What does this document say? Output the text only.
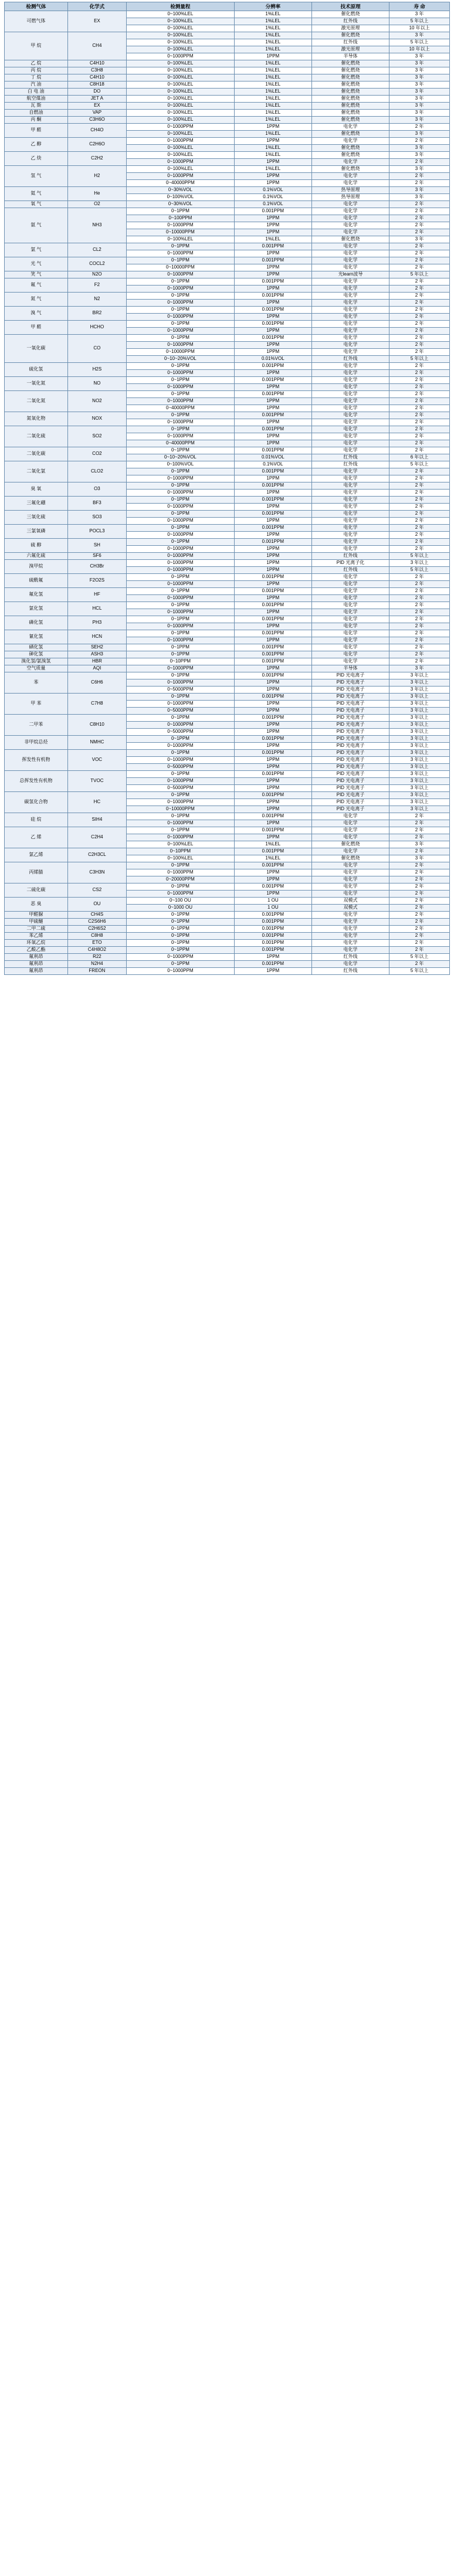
检测气体	化学式	检测量程	分辨率	技术原理	寿 命
可燃气体	EX	0~100%LEL	1%LEL	催化燃烧	3 年
		0~100%LEL	1%LEL	红外线	5 年以上
		0~100%LEL	1%LEL	激光原理	10 年以上
甲 烷	CH4	0~100%LEL	1%LEL	催化燃烧	3 年
		0~100%LEL	1%LEL	红外线	5 年以上
		0~100%LEL	1%LEL	激光原理	10 年以上
		0~1000PPM	1PPM	半导体	3 年
乙 烷	C4H10	0~100%LEL	1%LEL	催化燃烧	3 年
丙 烷	C3H8	0~100%LEL	1%LEL	催化燃烧	3 年
丁 烷	C4H10	0~100%LEL	1%LEL	催化燃烧	3 年
汽 油	C8H18	0~100%LEL	1%LEL	催化燃烧	3 年
白 电 油	DO	0~100%LEL	1%LEL	催化燃烧	3 年
航空煤油	JET A	0~100%LEL	1%LEL	催化燃烧	3 年
瓦 斯	EX	0~100%LEL	1%LEL	催化燃烧	3 年
自燃油	VAP	0~100%LEL	1%LEL	催化燃烧	3 年
丙 酮	C3H6O	0~100%LEL	1%LEL	催化燃烧	3 年
甲 醛	CH4O	0~1000PPM	1PPM	电化学	2 年
		0~100%LEL	1%LEL	催化燃烧	3 年
乙 醇	C2H6O	0~1000PPM	1PPM	电化学	2 年
		0~100%LEL	1%LEL	催化燃烧	3 年
乙 炔	C2H2	0~100%LEL	1%LEL	催化燃烧	3 年
		0~1000PPM	1PPM	电化学	2 年
氢 气	H2	0~100%LEL	1%LEL	催化燃烧	3 年
		0~1000PPM	1PPM	电化学	2 年
		0~40000PPM	1PPM	电化学	2 年
氦 气	He	0~30%VOL	0.1%VOL	热导原理	3 年
		0~100%VOL	0.1%VOL	热导原理	3 年
氧 气	O2	0~30%VOL	0.1%VOL	电化学	2 年
氨 气	NH3	0~1PPM	0.001PPM	电化学	2 年
		0~100PPM	1PPM	电化学	2 年
		0~1000PPM	1PPM	电化学	2 年
		0~10000PPM	1PPM	电化学	2 年
		0~100%LEL	1%LEL	催化燃烧	3 年
氯 气	CL2	0~1PPM	0.001PPM	电化学	2 年
		0~1000PPM	1PPM	电化学	2 年
光 气	COCL2	0~1PPM	0.001PPM	电化学	2 年
		0~10000PPM	1PPM	电化学	2 年
笑 气	N2O	0~1000PPM	1PPM	光learn波导	5 年以上
氟 气	F2	0~1PPM	0.001PPM	电化学	2 年
		0~1000PPM	1PPM	电化学	2 年
氮 气	N2	0~1PPM	0.001PPM	电化学	2 年
		0~1000PPM	1PPM	电化学	2 年
溴 气	BR2	0~1PPM	0.001PPM	电化学	2 年
		0~1000PPM	1PPM	电化学	2 年
甲 醛	HCHO	0~1PPM	0.001PPM	电化学	2 年
		0~1000PPM	1PPM	电化学	2 年
一氧化碳	CO	0~1PPM	0.001PPM	电化学	2 年
		0~1000PPM	1PPM	电化学	2 年
		0~10000PPM	1PPM	电化学	2 年
		0~10~20%VOL	0.01%VOL	红外线	5 年以上
硫化氢	H2S	0~1PPM	0.001PPM	电化学	2 年
		0~1000PPM	1PPM	电化学	2 年
一氧化氮	NO	0~1PPM	0.001PPM	电化学	2 年
		0~1000PPM	1PPM	电化学	2 年
二氧化氮	NO2	0~1PPM	0.001PPM	电化学	2 年
		0~1000PPM	1PPM	电化学	2 年
		0~40000PPM	1PPM	电化学	2 年
氮氧化物	NOX	0~1PPM	0.001PPM	电化学	2 年
		0~1000PPM	1PPM	电化学	2 年
二氧化硫	SO2	0~1PPM	0.001PPM	电化学	2 年
		0~1000PPM	1PPM	电化学	2 年
		0~40000PPM	1PPM	电化学	2 年
二氧化碳	CO2	0~1PPM	0.001PPM	电化学	2 年
		0~10~20%VOL	0.01%VOL	红外线	6 年以上
二氧化氯	CLO2	0~100%VOL	0.1%VOL	红外线	5 年以上
		0~1PPM	0.001PPM	电化学	2 年
		0~1000PPM	1PPM	电化学	2 年
臭 氧	O3	0~1PPM	0.001PPM	电化学	2 年
		0~1000PPM	1PPM	电化学	2 年
三氟化硼	BF3	0~1PPM	0.001PPM	电化学	2 年
		0~1000PPM	1PPM	电化学	2 年
三氧化硫	SO3	0~1PPM	0.001PPM	电化学	2 年
		0~1000PPM	1PPM	电化学	2 年
三氯氧磷	POCL3	0~1PPM	0.001PPM	电化学	2 年
		0~1000PPM	1PPM	电化学	2 年
硫 醇	SH	0~1PPM	0.001PPM	电化学	2 年
		0~1000PPM	1PPM	电化学	2 年
六氟化硫	SF6	0~1000PPM	1PPM	红外线	5 年以上
溴甲烷	CH3Br	0~1000PPM	1PPM	PID 光离子化	3 年以上
		0~1000PPM	1PPM	红外线	5 年以上
硫酰氟	F2O2S	0~1PPM	0.001PPM	电化学	2 年
		0~1000PPM	1PPM	电化学	2 年
氟化氢	HF	0~1PPM	0.001PPM	电化学	2 年
		0~1000PPM	1PPM	电化学	2 年
氯化氢	HCL	0~1PPM	0.001PPM	电化学	2 年
		0~1000PPM	1PPM	电化学	2 年
磷化氢	PH3	0~1PPM	0.001PPM	电化学	2 年
		0~1000PPM	1PPM	电化学	2 年
氰化氢	HCN	0~1PPM	0.001PPM	电化学	2 年
		0~1000PPM	1PPM	电化学	2 年
硒化氢	SEH2	0~1PPM	0.001PPM	电化学	2 年
砷化氢	ASH3	0~1PPM	0.001PPM	电化学	2 年
溴化氢/氯溴氢	HBR	0~10PPM	0.001PPM	电化学	2 年
空气质量	AQI	0~1000PPM	1PPM	半导体	3 年
苯	C6H6	0~1PPM	0.001PPM	PID 光电离子	3 年以上
		0~1000PPM	1PPM	PID 光电离子	3 年以上
		0~5000PPM	1PPM	PID 光电离子	3 年以上
甲 苯	C7H8	0~1PPM	0.001PPM	PID 光电离子	3 年以上
		0~1000PPM	1PPM	PID 光电离子	3 年以上
		0~5000PPM	1PPM	PID 光电离子	3 年以上
二甲苯	C8H10	0~1PPM	0.001PPM	PID 光电离子	3 年以上
		0~1000PPM	1PPM	PID 光电离子	3 年以上
		0~5000PPM	1PPM	PID 光电离子	3 年以上
非甲烷总烃	NMHC	0~1PPM	0.001PPM	PID 光电离子	3 年以上
		0~1000PPM	1PPM	PID 光电离子	3 年以上
挥发性有机物	VOC	0~1PPM	0.001PPM	PID 光电离子	3 年以上
		0~1000PPM	1PPM	PID 光电离子	3 年以上
		0~5000PPM	1PPM	PID 光电离子	3 年以上
总挥发性有机物	TVOC	0~1PPM	0.001PPM	PID 光电离子	3 年以上
		0~1000PPM	1PPM	PID 光电离子	3 年以上
		0~5000PPM	1PPM	PID 光电离子	3 年以上
碳氢化合物	HC	0~1PPM	0.001PPM	PID 光电离子	3 年以上
		0~1000PPM	1PPM	PID 光电离子	3 年以上
		0~10000PPM	1PPM	PID 光电离子	3 年以上
硅 烷	SIH4	0~1PPM	0.001PPM	电化学	2 年
		0~1000PPM	1PPM	电化学	2 年
乙 烯	C2H4	0~1PPM	0.001PPM	电化学	2 年
		0~1000PPM	1PPM	电化学	2 年
		0~100%LEL	1%LEL	催化燃烧	3 年
氯乙烯	C2H3CL	0~10PPM	0.001PPM	电化学	2 年
		0~100%LEL	1%LEL	催化燃烧	3 年
丙烯腈	C3H3N	0~1PPM	0.001PPM	电化学	2 年
		0~1000PPM	1PPM	电化学	2 年
		0~20000PPM	1PPM	电化学	2 年
二硫化碳	CS2	0~1PPM	0.001PPM	电化学	2 年
		0~1000PPM	1PPM	电化学	2 年
恶 臭	OU	0~100 OU	1 OU	双模式	2 年
		0~1000 OU	1 OU	双模式	2 年
甲醛脲	CH4S	0~1PPM	0.001PPM	电化学	2 年
甲硫醚	C2S6H6	0~1PPM	0.001PPM	电化学	2 年
二甲二硫	C2H6S2	0~1PPM	0.001PPM	电化学	2 年
苯乙烯	C8H8	0~1PPM	0.001PPM	电化学	2 年
环氧乙烷	ETO	0~1PPM	0.001PPM	电化学	2 年
乙酸乙酯	C4H8O2	0~1PPM	0.001PPM	电化学	2 年
氟利昂	R22	0~1000PPM	1PPM	红外线	5 年以上
氟利昂	N2H4	0~1PPM	0.001PPM	电化学	2 年
氟利昂	FREON	0~1000PPM	1PPM	红外线	5 年以上
